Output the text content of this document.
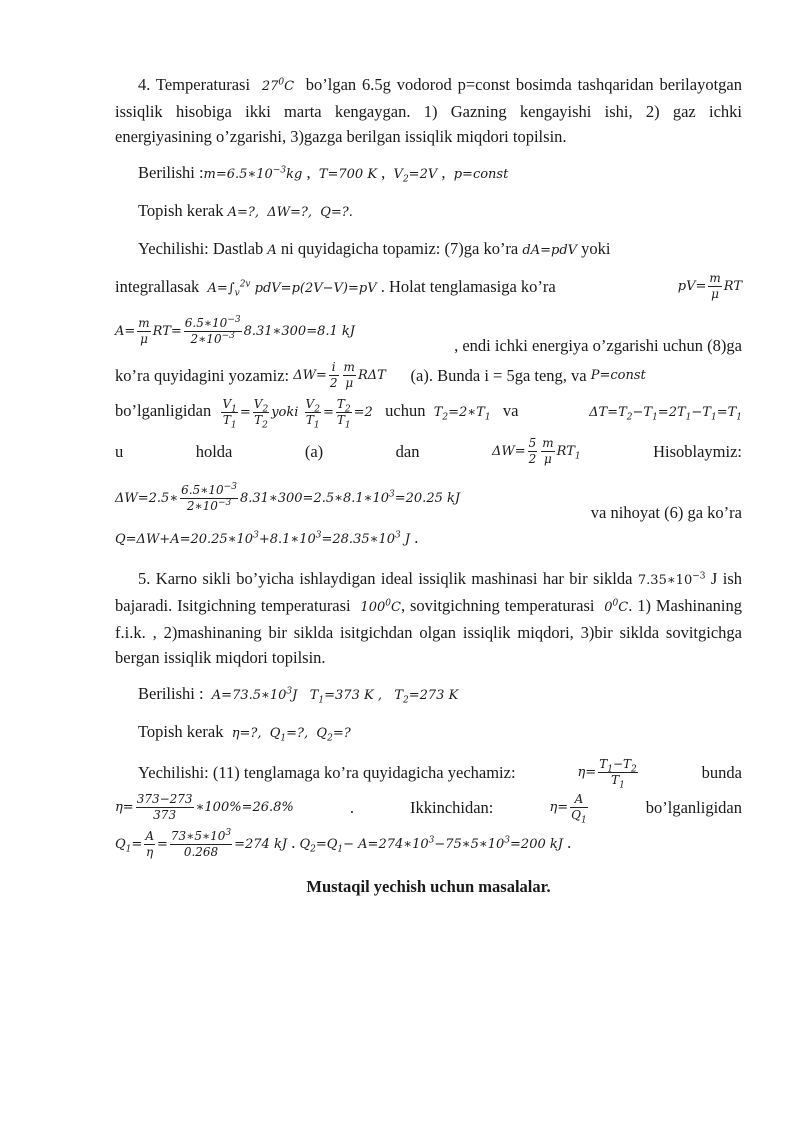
4. Temperaturasi $27^0C$  bo’lgan 6.5g vodorod p=const bosimda tashqaridan berilayotgan issiqlik hisobiga ikki marta kengaygan. 1) Gazning kengayishi ishi, 2) gaz ichki energiyasining o’zgarishi, 3)gazga berilgan issiqlik miqdori topilsin.

Berilishi $:m=6.5∗10^{-3}kg$ ,  T=700 K ,  $V_2=2V$ ,  p=const

Topish kerak A=?, ΔW=?, Q=?.

Yechilishi: Dastlab A ni quyidagicha topamiz: (7)ga ko’ra dA=pdV yoki

integrallasak $A=\int_v^{2v}$ pdV=p(2V−V)=pV . Holat tenglamasiga ko’ra	$pV= \frac{m}{\mu}$ RT
$A= \frac{m}{\mu} RT= \frac{6.5∗10^{-3}}{2∗10^{-3}}$ 8.31∗300=8.1 kJ
, endi ichki energiya o’zgarishi uchun (8)ga
ko’ra quyidagini yozamiz:
$\Delta W= \frac{i}{2} \frac{m}{\mu}$ RΔT
(a). Bunda i = 5ga teng, va
P=const
bo’lganligidan $\frac{V_1}{T_1} = \frac{V_2}{T_2}$ yoki $\frac{V_2}{T_1} = \frac{T_2}{T_1} =2$ uchun $T_2=2∗T_1$ va	$\Delta T=T_2-T_1=2T_1-T_1=T_1$
u	holda	(a)	dan	$\Delta W= \frac{5}{2} \frac{m}{\mu} RT_1$	Hisoblaymiz:
ΔW=2.5∗ $\frac{6.5∗10^{-3}}{2∗10^{-3}}$ $8.31∗300=2.5∗8.1∗10^3=20.25$ kJ
va nihoyat (6) ga ko’ra

$Q=\Delta W+A=20.25∗10^3+8.1∗10^3=28.35∗10^3$ J .

5. Karno sikli bo’yicha ishlaydigan ideal issiqlik mashinasi har bir siklda $7.35∗10^{-3}$ J ish bajaradi. Isitgichning temperaturasi $100^0C$, sovitgichning temperaturasi $0^0C$. 1) Mashinaning f.i.k. , 2)mashinaning bir siklda isitgichdan olgan issiqlik miqdori, 3)bir siklda sovitgichga bergan issiqlik miqdori topilsin.

Berilishi : $A=73.5∗10^3J$ $T_1=373$ K , $T_2=273$ K

Topish kerak η=?, $Q_1=$?, $Q_2=$?

Yechilishi: (11) tenglamaga ko’ra quyidagicha yechamiz:	$\eta= \frac{T_1-T_2}{T_1}$	bunda
$\eta= \frac{373-273}{373}$ ∗100%=26.8%	.	Ikkinchidan:	$\eta= \frac{A}{Q_1}$	bo’lganligidan

$Q_1= \frac{A}{\eta} = \frac{73∗5∗10^3}{0.268} =274$ kJ . $Q_2=Q_1-$ $A=274∗10^3-75∗5∗10^3=200$ kJ .

Mustaqil yechish uchun masalalar.
